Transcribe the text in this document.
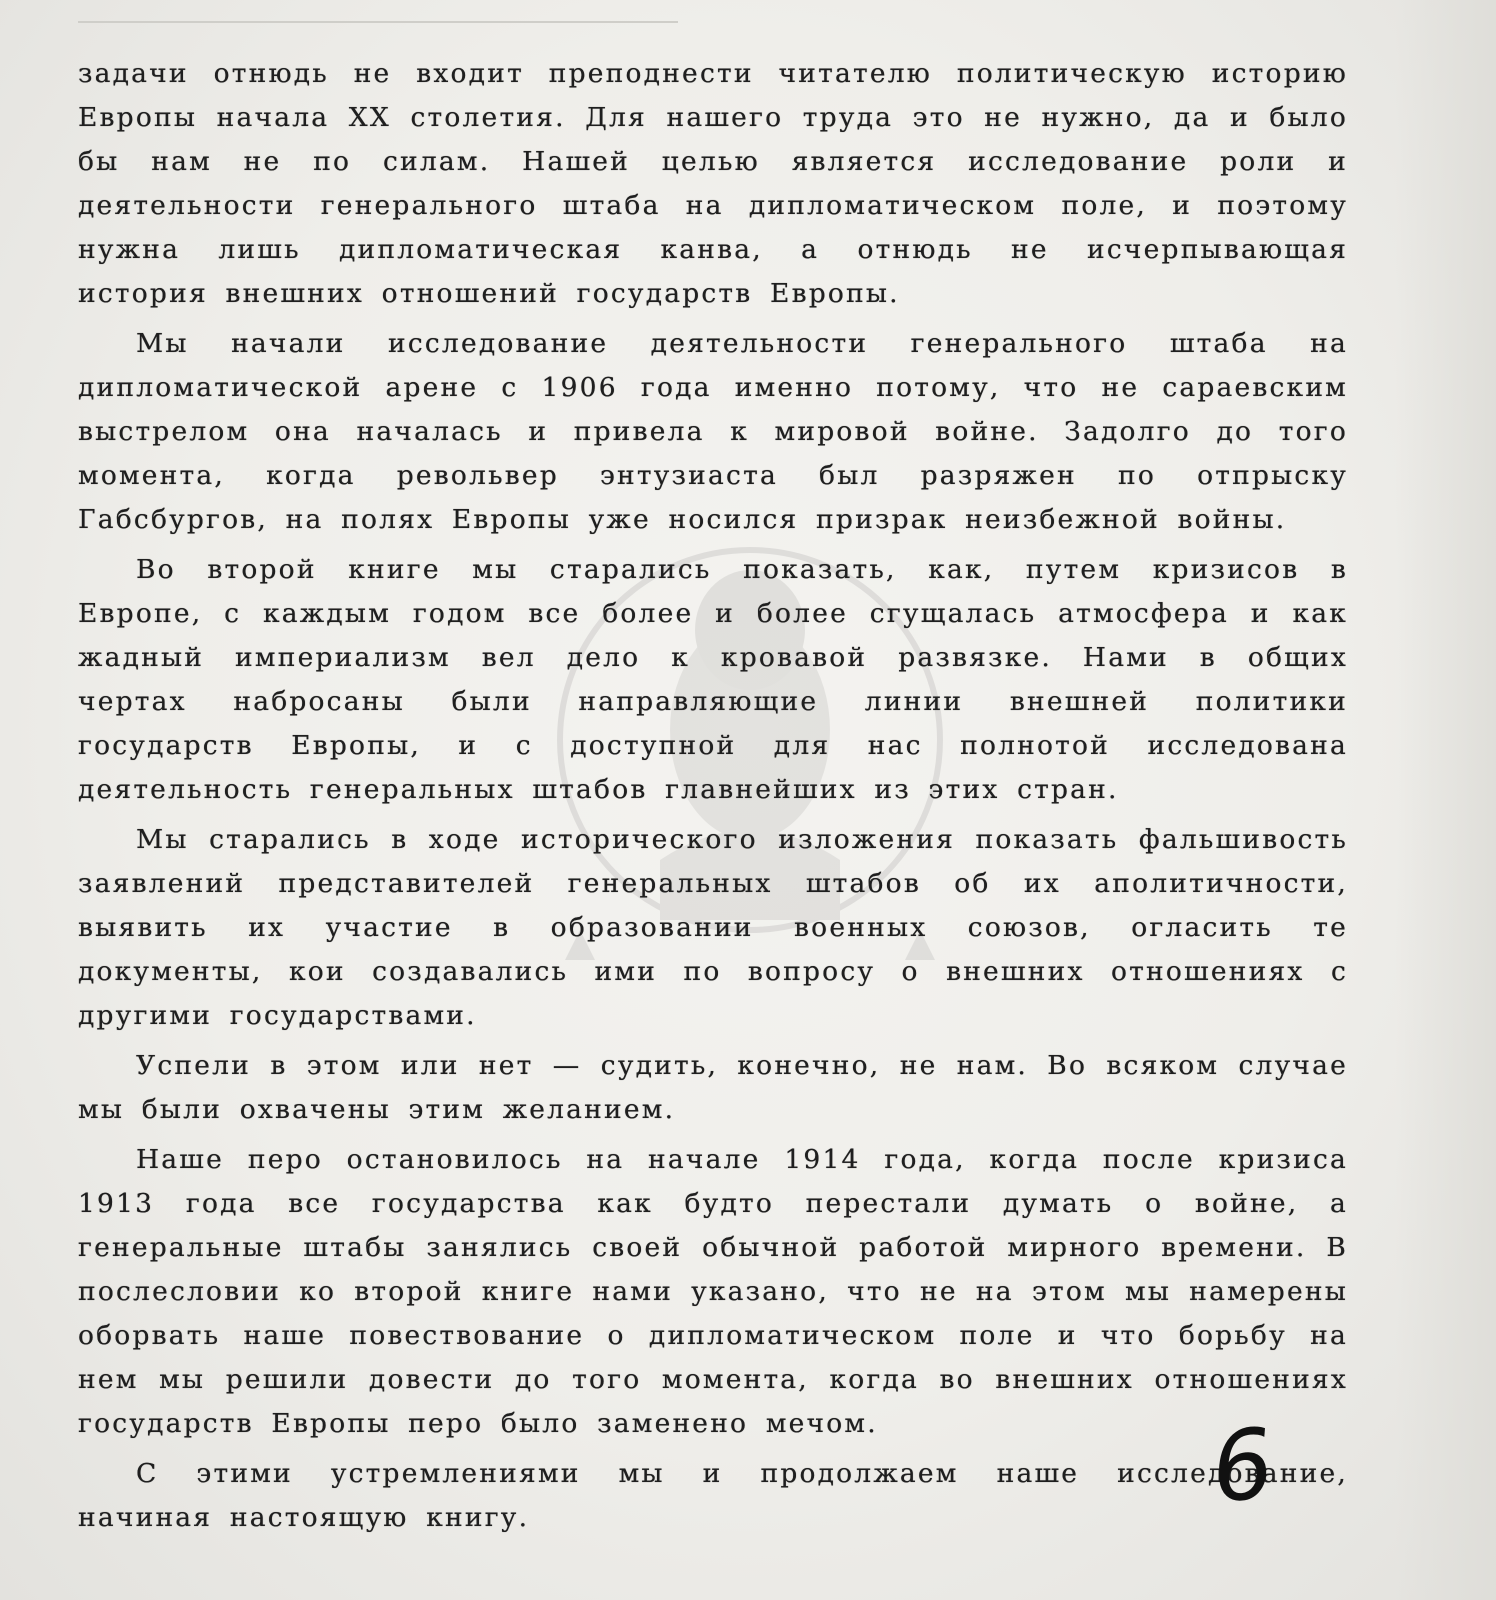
задачи отнюдь не входит преподнести читателю политическую историю Европы начала XX столетия. Для нашего труда это не нужно, да и было бы нам не по силам. Нашей целью является исследование роли и деятельности генерального штаба на дипломатическом поле, и поэтому нужна лишь дипломатическая канва, а отнюдь не исчерпывающая история внешних отношений государств Европы.

Мы начали исследование деятельности генерального штаба на дипломатической арене с 1906 года именно потому, что не сараевским выстрелом она началась и привела к мировой войне. Задолго до того момента, когда револьвер энтузиаста был разряжен по отпрыску Габсбургов, на полях Европы уже носился призрак неизбежной войны.

Во второй книге мы старались показать, как, путем кризисов в Европе, с каждым годом все более и более сгущалась атмосфера и как жадный империализм вел дело к кровавой развязке. Нами в общих чертах наброcаны были направляющие линии внешней политики государств Европы, и с доступной для нас полнотой исследована деятельность генеральных штабов главнейших из этих стран.

Мы старались в ходе исторического изложения показать фальшивость заявлений представителей генеральных штабов об их аполитичности, выявить их участие в образовании военных союзов, огласить те документы, кои создавались ими по вопросу о внешних отношениях с другими государствами.

Успели в этом или нет — судить, конечно, не нам. Во всяком случае мы были охвачены этим желанием.

Наше перо остановилось на начале 1914 года, когда после кризиса 1913 года все государства как будто перестали думать о войне, а генеральные штабы занялись своей обычной работой мирного времени. В послесловии ко второй книге нами указано, что не на этом мы намерены оборвать наше повествование о дипломатическом поле и что борьбу на нем мы решили довести до того момента, когда во внешних отношениях государств Европы перо было заменено мечом.

С этими устремлениями мы и продолжаем наше исследование, начиная настоящую книгу.	6
